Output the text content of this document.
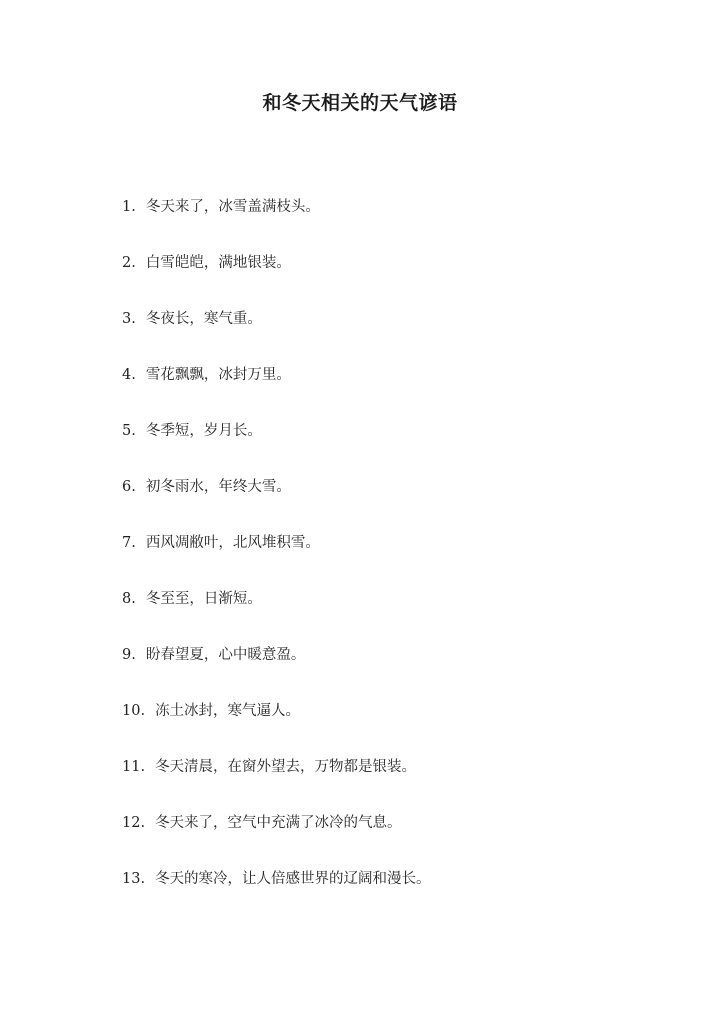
和冬天相关的天气谚语
1. 冬天来了，冰雪盖满枝头。
2. 白雪皑皑，满地银装。
3. 冬夜长，寒气重。
4. 雪花飘飘，冰封万里。
5. 冬季短，岁月长。
6. 初冬雨水，年终大雪。
7. 西风凋敝叶，北风堆积雪。
8. 冬至至，日渐短。
9. 盼春望夏，心中暖意盈。
10. 冻土冰封，寒气逼人。
11. 冬天清晨，在窗外望去，万物都是银装。
12. 冬天来了，空气中充满了冰冷的气息。
13. 冬天的寒冷，让人倍感世界的辽阔和漫长。
